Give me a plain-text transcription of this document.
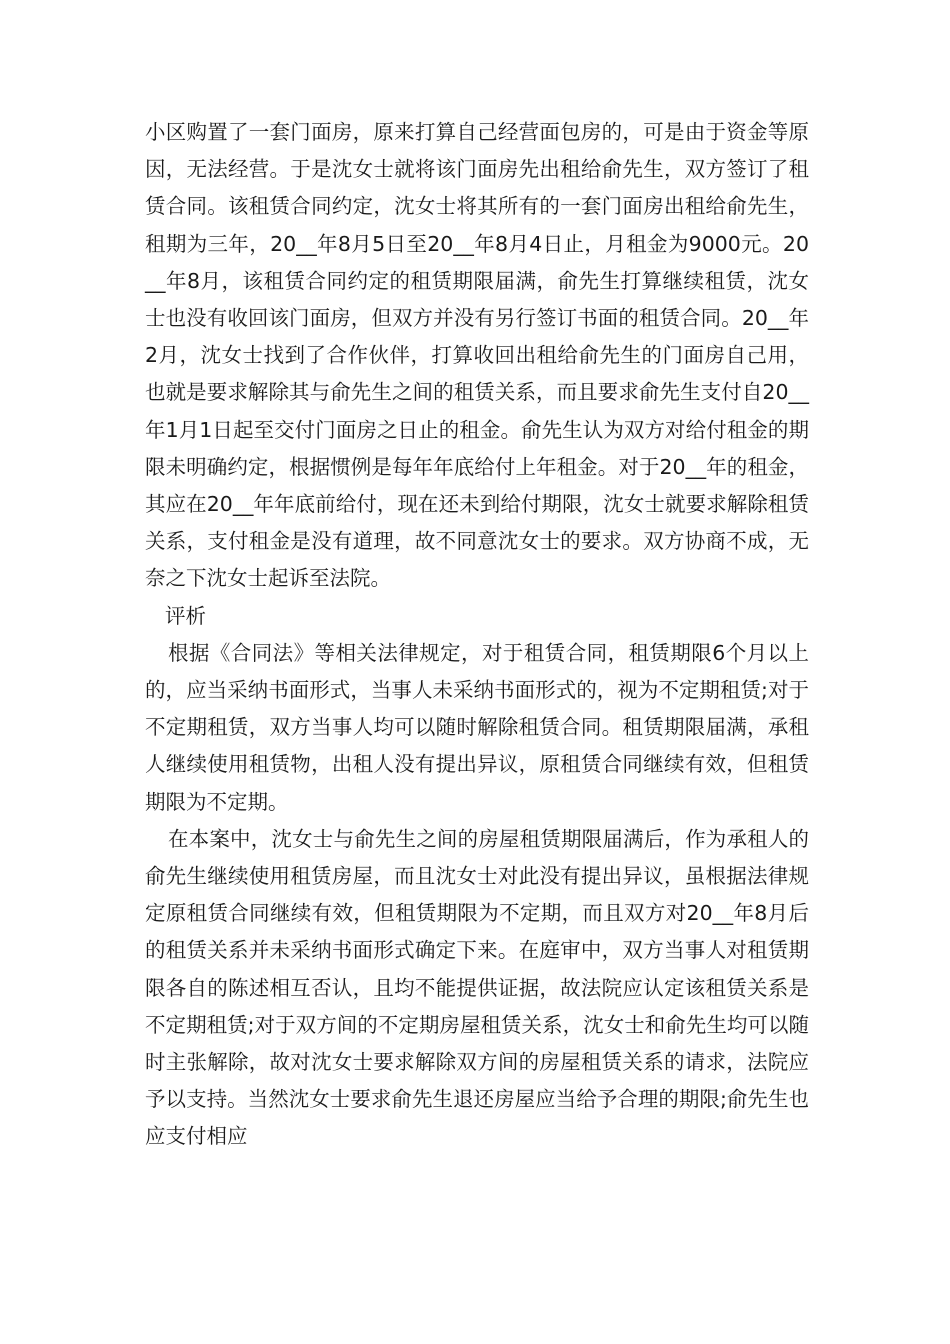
小区购置了一套门面房，原来打算自己经营面包房的，可是由于资金等原因，无法经营。于是沈女士就将该门面房先出租给俞先生，双方签订了租赁合同。该租赁合同约定，沈女士将其所有的一套门面房出租给俞先生，租期为三年，20__年8月5日至20__年8月4日止，月租金为9000元。20__年8月，该租赁合同约定的租赁期限届满，俞先生打算继续租赁，沈女士也没有收回该门面房，但双方并没有另行签订书面的租赁合同。20__年2月，沈女士找到了合作伙伴，打算收回出租给俞先生的门面房自己用，也就是要求解除其与俞先生之间的租赁关系，而且要求俞先生支付自20__年1月1日起至交付门面房之日止的租金。俞先生认为双方对给付租金的期限未明确约定，根据惯例是每年年底给付上年租金。对于20__年的租金，其应在20__年年底前给付，现在还未到给付期限，沈女士就要求解除租赁关系，支付租金是没有道理，故不同意沈女士的要求。双方协商不成，无奈之下沈女士起诉至法院。

评析

根据《合同法》等相关法律规定，对于租赁合同，租赁期限6个月以上的，应当采纳书面形式，当事人未采纳书面形式的，视为不定期租赁;对于不定期租赁，双方当事人均可以随时解除租赁合同。租赁期限届满，承租人继续使用租赁物，出租人没有提出异议，原租赁合同继续有效，但租赁期限为不定期。

在本案中，沈女士与俞先生之间的房屋租赁期限届满后，作为承租人的俞先生继续使用租赁房屋，而且沈女士对此没有提出异议，虽根据法律规定原租赁合同继续有效，但租赁期限为不定期，而且双方对20__年8月后的租赁关系并未采纳书面形式确定下来。在庭审中，双方当事人对租赁期限各自的陈述相互否认，且均不能提供证据，故法院应认定该租赁关系是不定期租赁;对于双方间的不定期房屋租赁关系，沈女士和俞先生均可以随时主张解除，故对沈女士要求解除双方间的房屋租赁关系的请求，法院应予以支持。当然沈女士要求俞先生退还房屋应当给予合理的期限;俞先生也应支付相应
